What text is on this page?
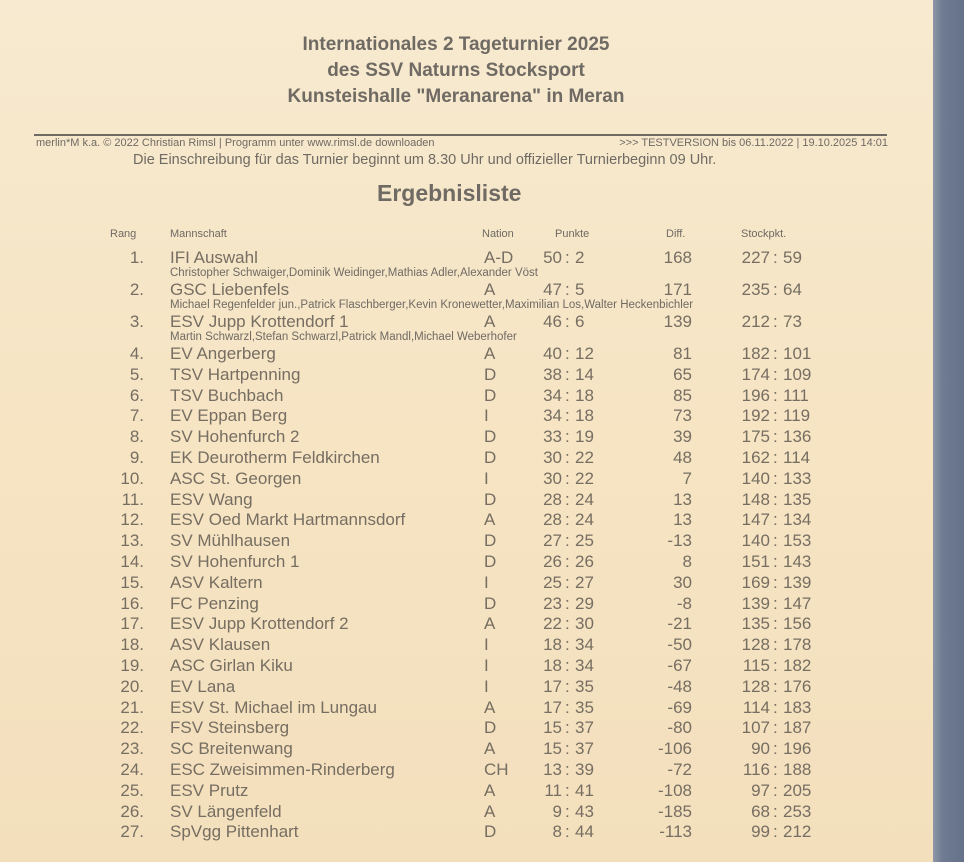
Internationales 2 Tageturnier 2025
des SSV Naturns Stocksport
Kunsteishalle "Meranarena" in Meran
merlin*M k.a. © 2022 Christian Rimsl | Programm unter www.rimsl.de downloaden	>>> TESTVERSION bis 06.11.2022 | 19.10.2025 14:01
Die Einschreibung für das Turnier beginnt um 8.30 Uhr und offizieller Turnierbeginn 09 Uhr.
Ergebnisliste
Rang	Mannschaft	Nation	Punkte	Diff.	Stockpkt.
1. IFI Auswahl	A-D	50 : 2	168	227 : 59
Christopher Schwaiger,Dominik Weidinger,Mathias Adler,Alexander Vöst
2. GSC Liebenfels	A	47 : 5	171	235 : 64
Michael Regenfelder jun.,Patrick Flaschberger,Kevin Kronewetter,Maximilian Los,Walter Heckenbichler
3. ESV Jupp Krottendorf 1	A	46 : 6	139	212 : 73
Martin Schwarzl,Stefan Schwarzl,Patrick Mandl,Michael Weberhofer
4. EV Angerberg	A	40 : 12	81	182 : 101
5. TSV Hartpenning	D	38 : 14	65	174 : 109
6. TSV Buchbach	D	34 : 18	85	196 : 111
7. EV Eppan Berg	I	34 : 18	73	192 : 119
8. SV Hohenfurch 2	D	33 : 19	39	175 : 136
9. EK Deurotherm Feldkirchen	D	30 : 22	48	162 : 114
10. ASC St. Georgen	I	30 : 22	7	140 : 133
11. ESV Wang	D	28 : 24	13	148 : 135
12. ESV Oed Markt Hartmannsdorf	A	28 : 24	13	147 : 134
13. SV Mühlhausen	D	27 : 25	-13	140 : 153
14. SV Hohenfurch 1	D	26 : 26	8	151 : 143
15. ASV Kaltern	I	25 : 27	30	169 : 139
16. FC Penzing	D	23 : 29	-8	139 : 147
17. ESV Jupp Krottendorf 2	A	22 : 30	-21	135 : 156
18. ASV Klausen	I	18 : 34	-50	128 : 178
19. ASC Girlan Kiku	I	18 : 34	-67	115 : 182
20. EV Lana	I	17 : 35	-48	128 : 176
21. ESV St. Michael im Lungau	A	17 : 35	-69	114 : 183
22. FSV Steinsberg	D	15 : 37	-80	107 : 187
23. SC Breitenwang	A	15 : 37	-106	90 : 196
24. ESC Zweisimmen-Rinderberg	CH	13 : 39	-72	116 : 188
25. ESV Prutz	A	11 : 41	-108	97 : 205
26. SV Längenfeld	A	9 : 43	-185	68 : 253
27. SpVgg Pittenhart	D	8 : 44	-113	99 : 212
